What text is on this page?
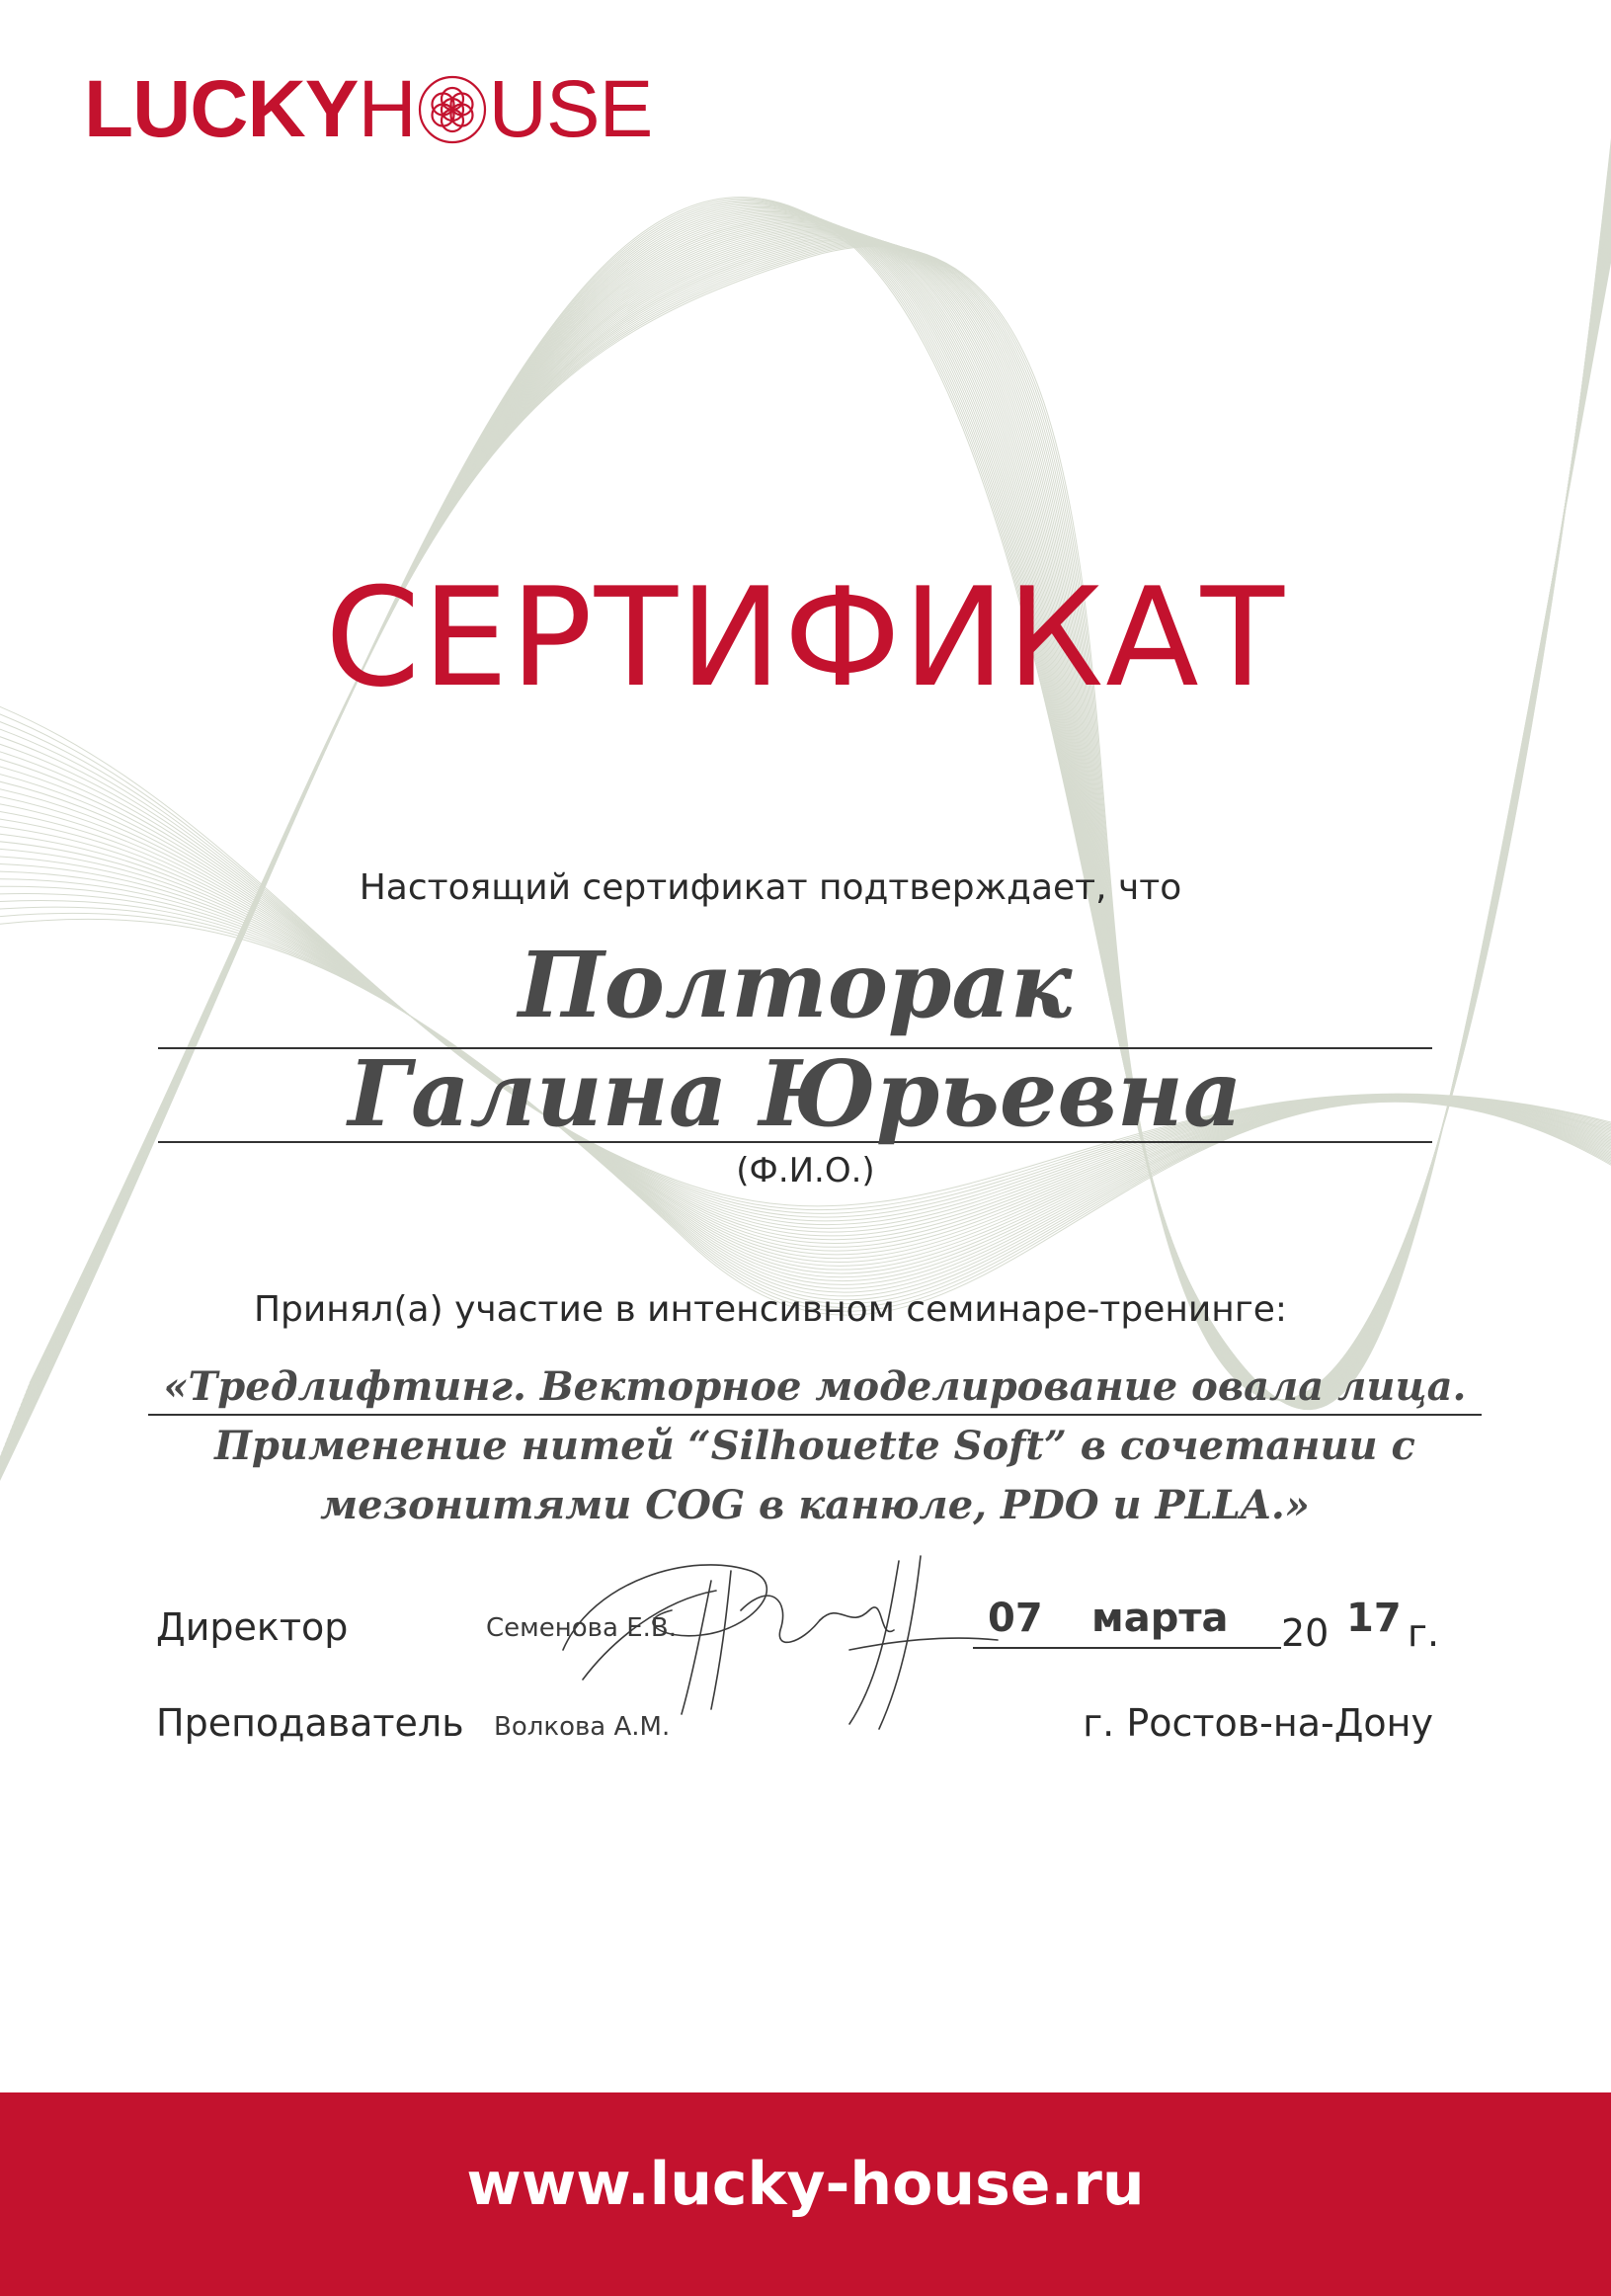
LUCKY H USE
СЕРТИФИКАТ
Настоящий сертификат подтверждает, что
Полторак
Галина Юрьевна
(Ф.И.О.)
Принял(а) участие в интенсивном семинаре-тренинге:
«Тредлифтинг. Векторное моделирование овала лица.
Применение нитей “Silhouette Soft” в сочетании с
мезонитями COG в канюле, PDO и PLLA.»
Директор	Семенова Е.В.
Преподаватель Волкова А.М.
07 марта 20 17 г.
г. Ростов-на-Дону
www.lucky-house.ru
